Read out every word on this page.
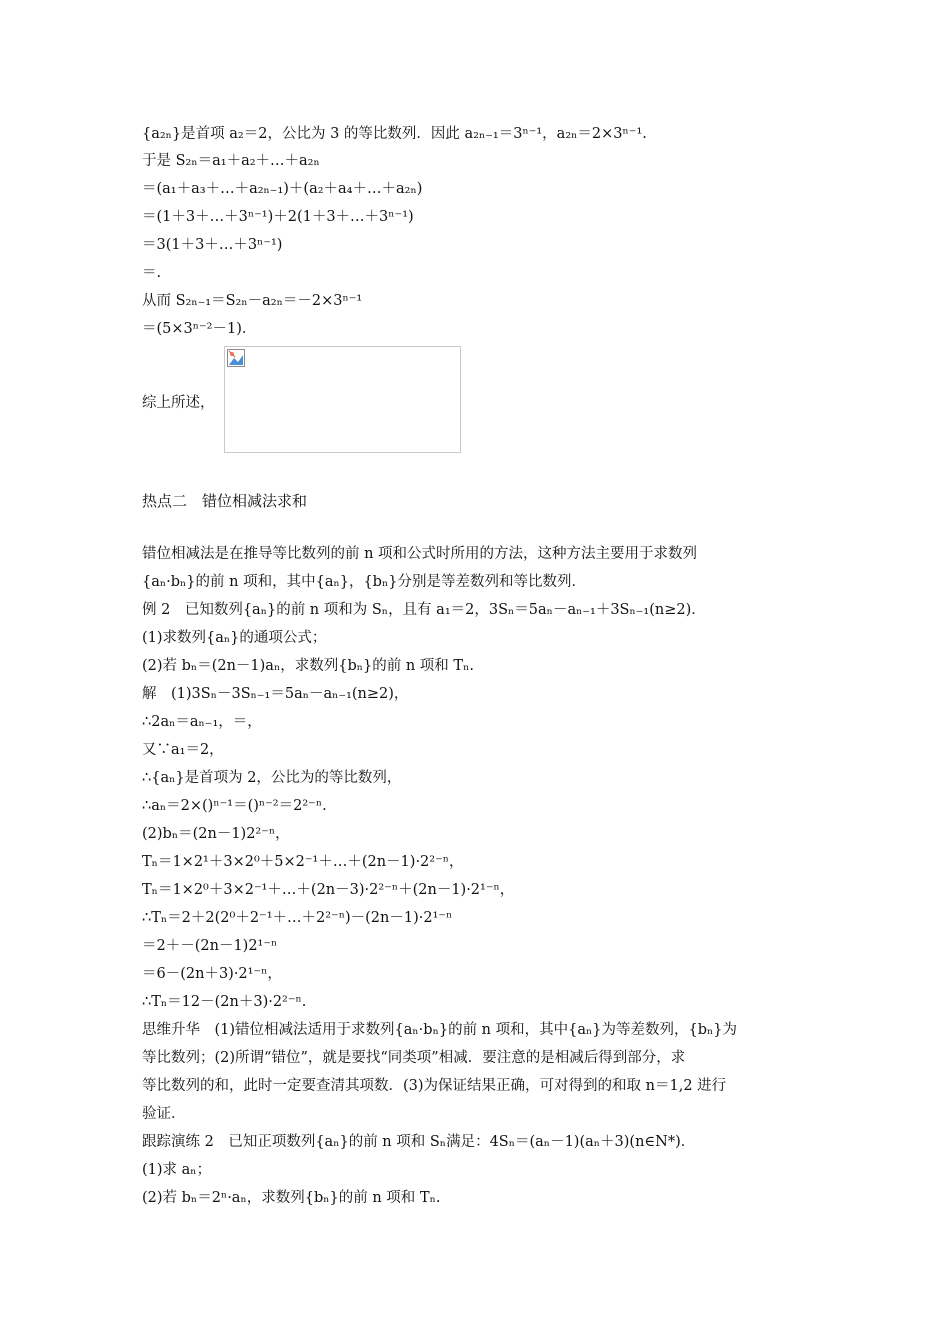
{a₂ₙ}是首项 a₂＝2，公比为 3 的等比数列．因此 a₂ₙ₋₁＝3ⁿ⁻¹，a₂ₙ＝2×3ⁿ⁻¹.
于是 S₂ₙ＝a₁＋a₂＋…＋a₂ₙ
＝(a₁＋a₃＋…＋a₂ₙ₋₁)＋(a₂＋a₄＋…＋a₂ₙ)
＝(1＋3＋…＋3ⁿ⁻¹)＋2(1＋3＋…＋3ⁿ⁻¹)
＝3(1＋3＋…＋3ⁿ⁻¹)
＝.
从而 S₂ₙ₋₁＝S₂ₙ－a₂ₙ＝－2×3ⁿ⁻¹
＝(5×3ⁿ⁻²－1)．
综上所述，
热点二　错位相减法求和
错位相减法是在推导等比数列的前 n 项和公式时所用的方法，这种方法主要用于求数列
{aₙ·bₙ}的前 n 项和，其中{aₙ}，{bₙ}分别是等差数列和等比数列．
例 2　已知数列{aₙ}的前 n 项和为 Sₙ，且有 a₁＝2，3Sₙ＝5aₙ－aₙ₋₁＋3Sₙ₋₁(n≥2)．
(1)求数列{aₙ}的通项公式；
(2)若 bₙ＝(2n－1)aₙ，求数列{bₙ}的前 n 项和 Tₙ.
解　(1)3Sₙ－3Sₙ₋₁＝5aₙ－aₙ₋₁(n≥2)，
∴2aₙ＝aₙ₋₁，＝，
又∵a₁＝2，
∴{aₙ}是首项为 2，公比为的等比数列，
∴aₙ＝2×()ⁿ⁻¹＝()ⁿ⁻²＝2²⁻ⁿ.
(2)bₙ＝(2n－1)2²⁻ⁿ，
Tₙ＝1×2¹＋3×2⁰＋5×2⁻¹＋…＋(2n－1)·2²⁻ⁿ，
Tₙ＝1×2⁰＋3×2⁻¹＋…＋(2n－3)·2²⁻ⁿ＋(2n－1)·2¹⁻ⁿ，
∴Tₙ＝2＋2(2⁰＋2⁻¹＋…＋2²⁻ⁿ)－(2n－1)·2¹⁻ⁿ
＝2＋－(2n－1)2¹⁻ⁿ
＝6－(2n＋3)·2¹⁻ⁿ，
∴Tₙ＝12－(2n＋3)·2²⁻ⁿ.
思维升华　(1)错位相减法适用于求数列{aₙ·bₙ}的前 n 项和，其中{aₙ}为等差数列，{bₙ}为
等比数列；(2)所谓“错位”，就是要找“同类项”相减．要注意的是相减后得到部分，求
等比数列的和，此时一定要查清其项数．(3)为保证结果正确，可对得到的和取 n＝1,2 进行
验证．
跟踪演练 2　已知正项数列{aₙ}的前 n 项和 Sₙ满足：4Sₙ＝(aₙ－1)(aₙ＋3)(n∈N*)．
(1)求 aₙ；
(2)若 bₙ＝2ⁿ·aₙ，求数列{bₙ}的前 n 项和 Tₙ.
